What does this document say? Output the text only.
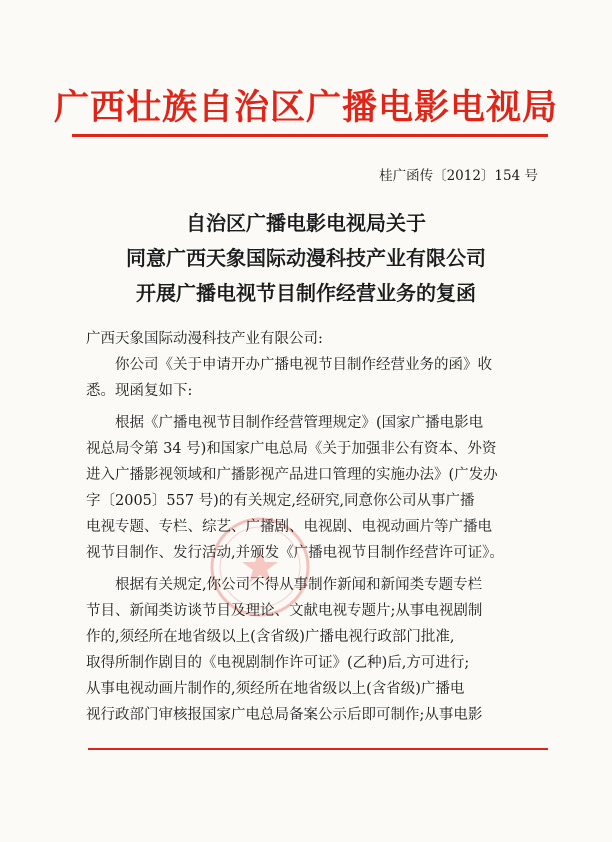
广西壮族自治区广播电影电视局
桂广函传〔2012〕154 号
自治区广播电影电视局关于
同意广西天象国际动漫科技产业有限公司
开展广播电视节目制作经营业务的复函
广西天象国际动漫科技产业有限公司:
　　你公司《关于申请开办广播电视节目制作经营业务的函》收
悉。现函复如下:
　　根据《广播电视节目制作经营管理规定》(国家广播电影电
视总局令第 34 号)和国家广电总局《关于加强非公有资本、外资
进入广播影视领域和广播影视产品进口管理的实施办法》(广发办
字〔2005〕557 号)的有关规定,经研究,同意你公司从事广播
电视专题、专栏、综艺、广播剧、电视剧、电视动画片等广播电
视节目制作、发行活动,并颁发《广播电视节目制作经营许可证》。
　　根据有关规定,你公司不得从事制作新闻和新闻类专题专栏
节目、新闻类访谈节目及理论、文献电视专题片;从事电视剧制
作的,须经所在地省级以上(含省级)广播电视行政部门批准,
取得所制作剧目的《电视剧制作许可证》(乙种)后,方可进行;
从事电视动画片制作的,须经所在地省级以上(含省级)广播电
视行政部门审核报国家广电总局备案公示后即可制作;从事电影
